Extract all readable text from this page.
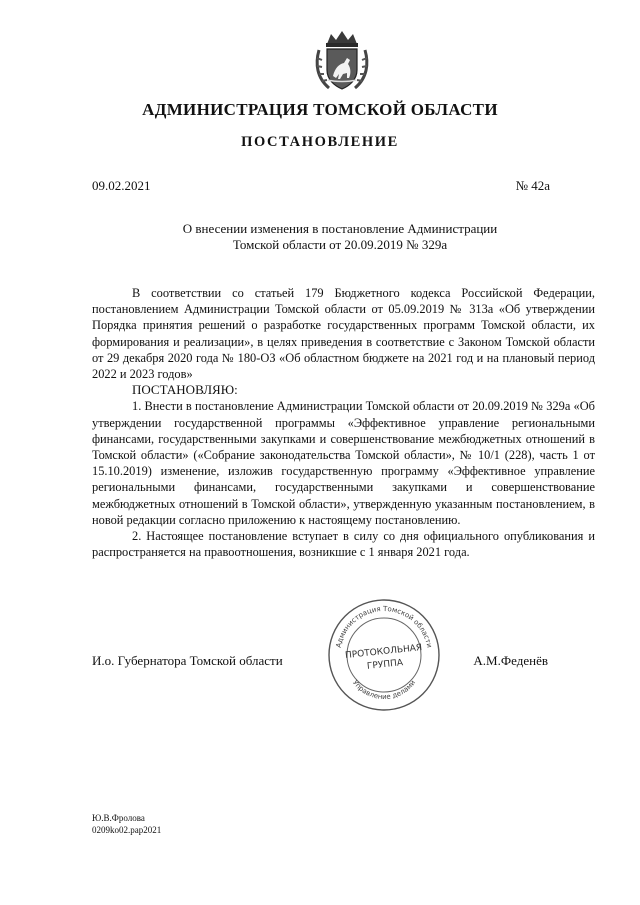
АДМИНИСТРАЦИЯ ТОМСКОЙ ОБЛАСТИ
ПОСТАНОВЛЕНИЕ
09.02.2021	№ 42а
О внесении изменения в постановление Администрации
Томской области от 20.09.2019 № 329а

В соответствии со статьей 179 Бюджетного кодекса Российской Федерации, постановлением Администрации Томской области от 05.09.2019 № 313а «Об утверждении Порядка принятия решений о разработке государственных программ Томской области, их формирования и реализации», в целях приведения в соответствие с Законом Томской области от 29 декабря 2020 года № 180-ОЗ «Об областном бюджете на 2021 год и на плановый период 2022 и 2023 годов»

ПОСТАНОВЛЯЮ:

1. Внести в постановление Администрации Томской области от 20.09.2019 № 329а «Об утверждении государственной программы «Эффективное управление региональными финансами, государственными закупками и совершенствование межбюджетных отношений в Томской области» («Собрание законодательства Томской области», № 10/1 (228), часть 1 от 15.10.2019) изменение, изложив государственную программу «Эффективное управление региональными финансами, государственными закупками и совершенствование межбюджетных отношений в Томской области», утвержденную указанным постановлением, в новой редакции согласно приложению к настоящему постановлению.

2. Настоящее постановление вступает в силу со дня официального опубликования и распространяется на правоотношения, возникшие с 1 января 2021 года.

И.о. Губернатора Томской области
Администрация Томской области
Управление делами
ПРОТОКОЛЬНАЯ
ГРУППА	А.М.Феденёв
Ю.В.Фролова
0209ko02.pap2021
